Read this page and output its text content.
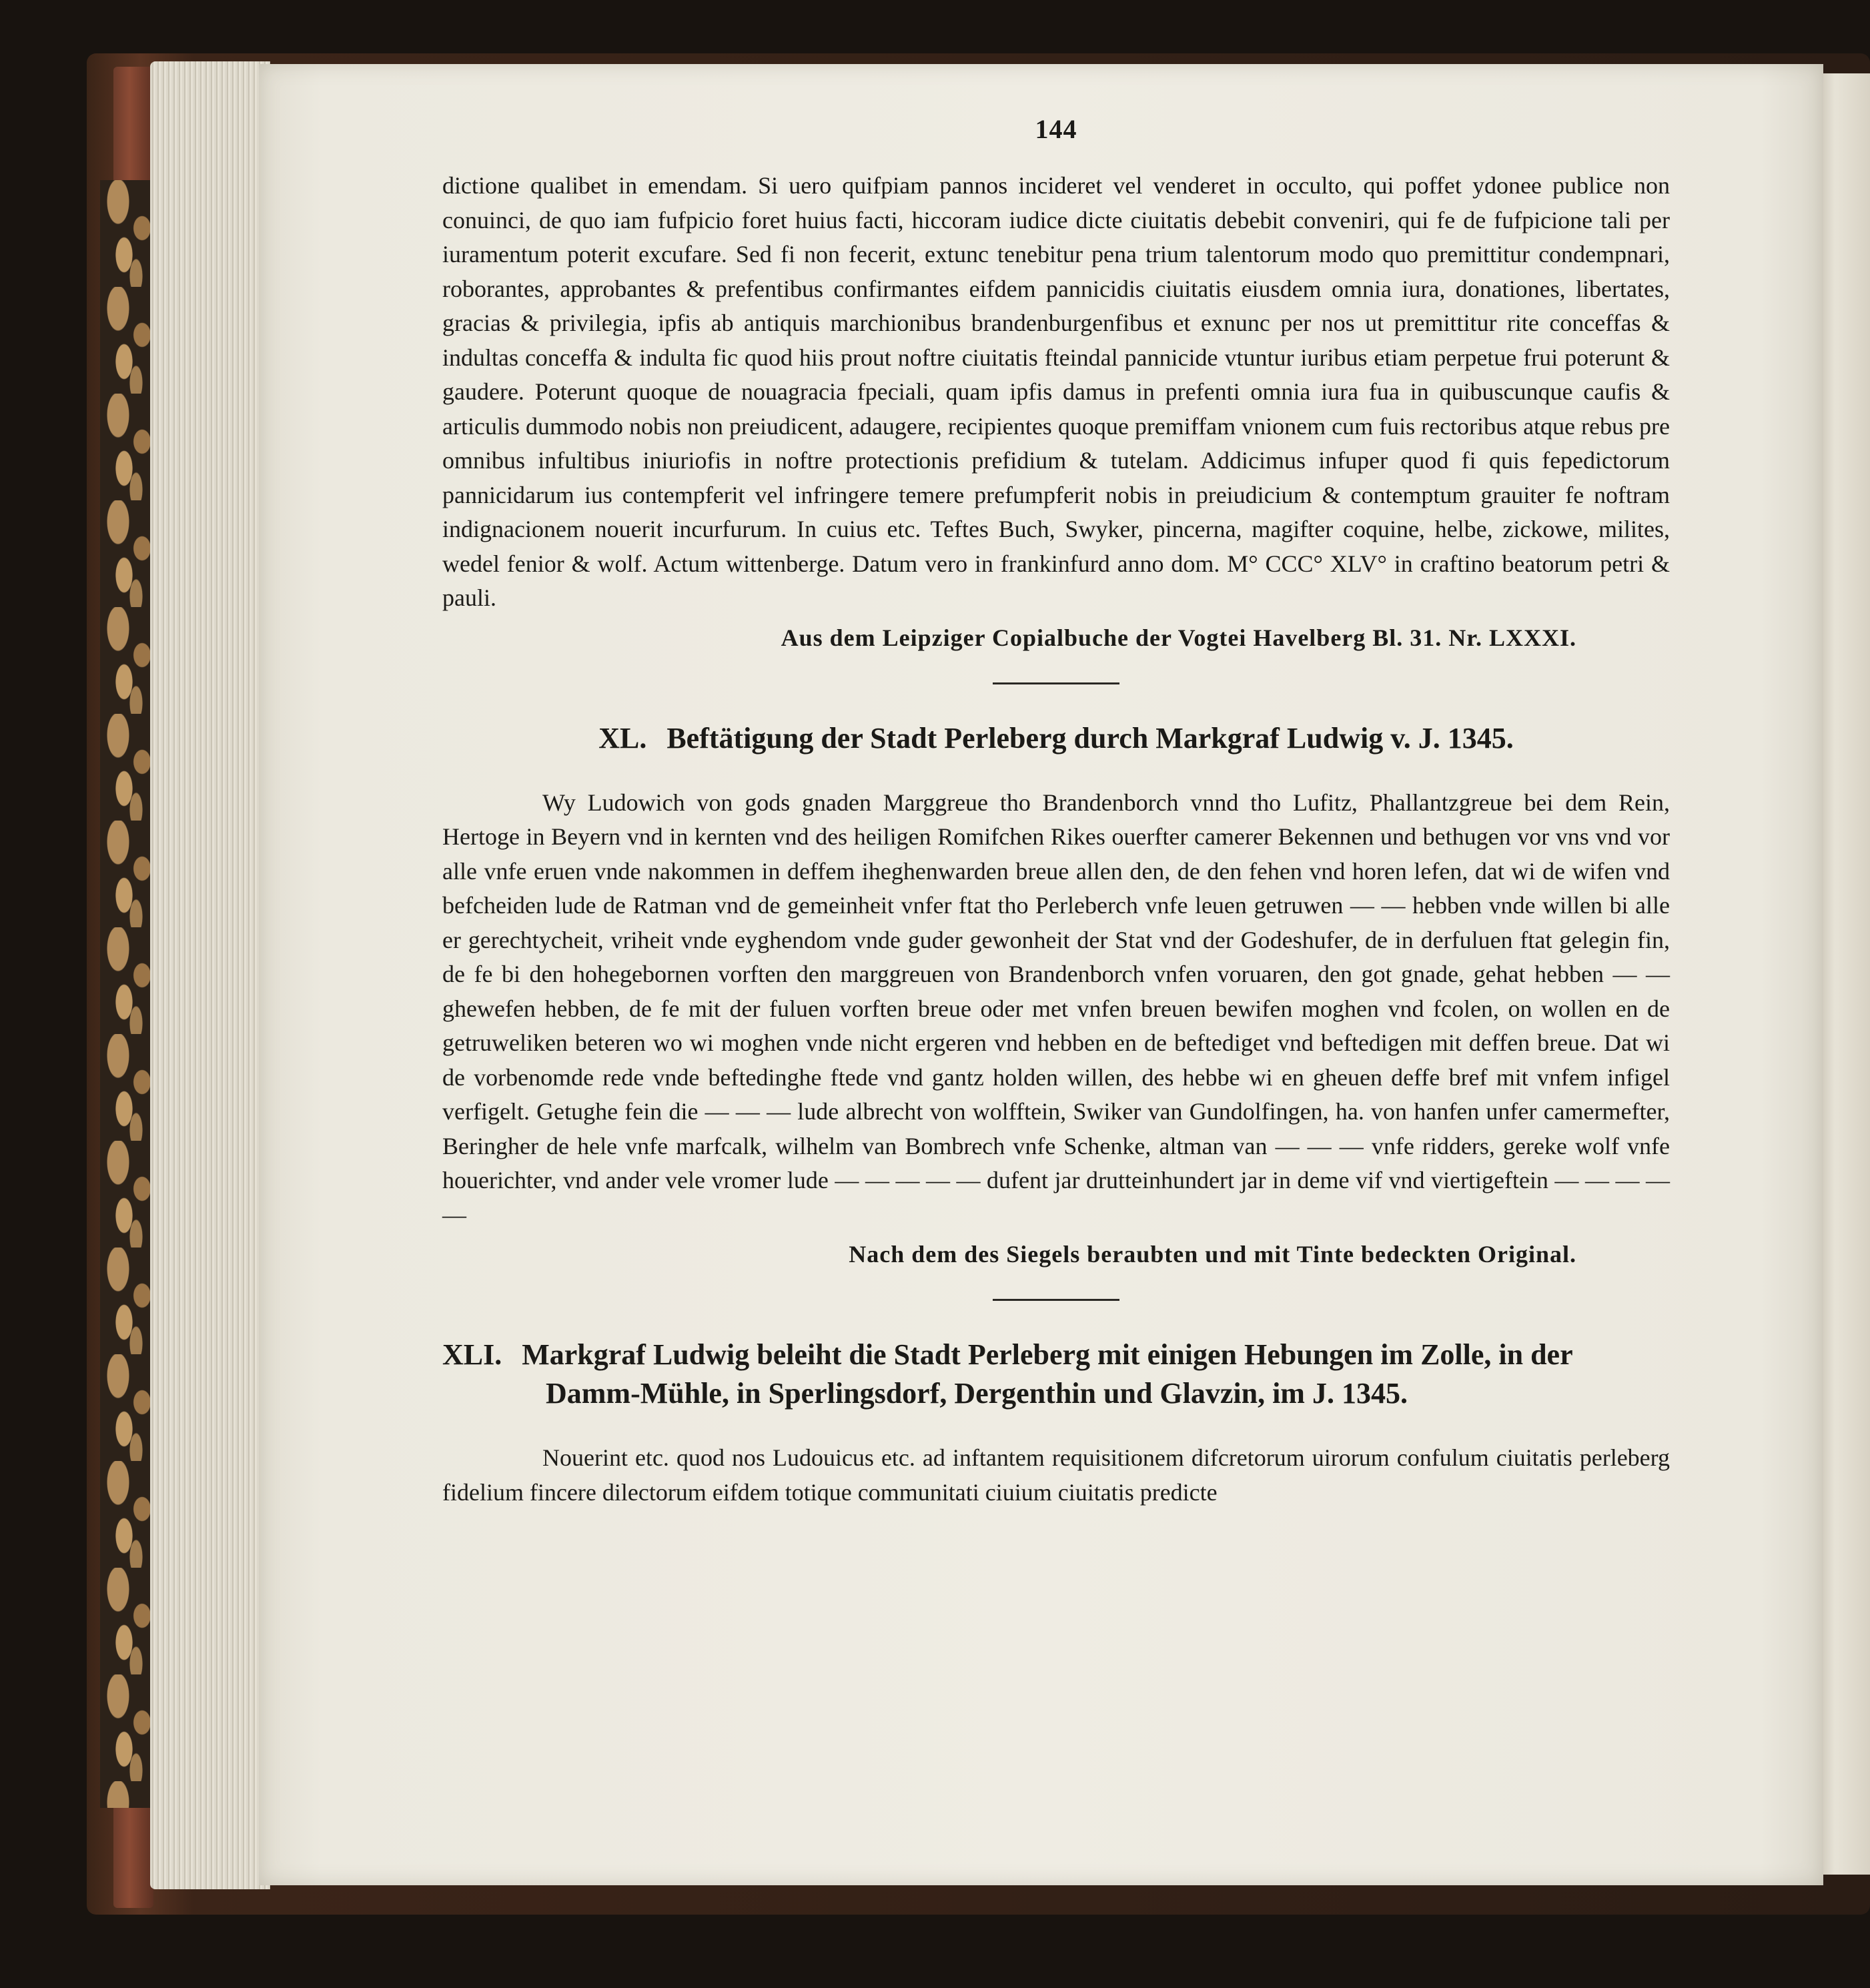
144

dictione qualibet in emendam. Si uero quifpiam pannos incideret vel venderet in occulto, qui poffet ydonee publice non conuinci, de quo iam fufpicio foret huius facti, hiccoram iudice dicte ciuitatis debebit conveniri, qui fe de fufpicione tali per iuramentum poterit excufare. Sed fi non fecerit, extunc tenebitur pena trium talentorum modo quo premittitur condempnari, roborantes, approbantes & prefentibus confirmantes eifdem pannicidis ciuitatis eiusdem omnia iura, donationes, libertates, gracias & privilegia, ipfis ab antiquis marchionibus brandenburgenfibus et exnunc per nos ut premittitur rite conceffas & indultas conceffa & indulta fic quod hiis prout noftre ciuitatis fteindal pannicide vtuntur iuribus etiam perpetue frui poterunt & gaudere. Poterunt quoque de nouagracia fpeciali, quam ipfis damus in prefenti omnia iura fua in quibuscunque caufis & articulis dummodo nobis non preiudicent, adaugere, recipientes quoque premiffam vnionem cum fuis rectoribus atque rebus pre omnibus infultibus iniuriofis in noftre protectionis prefidium & tutelam. Addicimus infuper quod fi quis fepedictorum pannicidarum ius contempferit vel infringere temere prefumpferit nobis in preiudicium & contemptum grauiter fe noftram indignacionem nouerit incurfurum. In cuius etc. Teftes Buch, Swyker, pincerna, magifter coquine, helbe, zickowe, milites, wedel fenior & wolf. Actum wittenberge. Datum vero in frankinfurd anno dom. M° CCC° XLV° in craftino beatorum petri & pauli.

Aus dem Leipziger Copialbuche der Vogtei Havelberg Bl. 31. Nr. LXXXI.
XL. Beftätigung der Stadt Perleberg durch Markgraf Ludwig v. J. 1345.

Wy Ludowich von gods gnaden Marggreue tho Brandenborch vnnd tho Lufitz, Phallantzgreue bei dem Rein, Hertoge in Beyern vnd in kernten vnd des heiligen Romifchen Rikes ouerfter camerer Bekennen und bethugen vor vns vnd vor alle vnfe eruen vnde nakommen in deffem iheghenwarden breue allen den, de den fehen vnd horen lefen, dat wi de wifen vnd befcheiden lude de Ratman vnd de gemeinheit vnfer ftat tho Perleberch vnfe leuen getruwen — — hebben vnde willen bi alle er gerechtycheit, vriheit vnde eyghendom vnde guder gewonheit der Stat vnd der Godeshufer, de in derfuluen ftat gelegin fin, de fe bi den hohegebornen vorften den marggreuen von Brandenborch vnfen voruaren, den got gnade, gehat hebben — — ghewefen hebben, de fe mit der fuluen vorften breue oder met vnfen breuen bewifen moghen vnd fcolen, on wollen en de getruweliken beteren wo wi moghen vnde nicht ergeren vnd hebben en de beftediget vnd beftedigen mit deffen breue. Dat wi de vorbenomde rede vnde beftedinghe ftede vnd gantz holden willen, des hebbe wi en gheuen deffe bref mit vnfem infigel verfigelt. Getughe fein die — — — lude albrecht von wolfftein, Swiker van Gundolfingen, ha. von hanfen unfer camermefter, Beringher de hele vnfe marfcalk, wilhelm van Bombrech vnfe Schenke, altman van — — — vnfe ridders, gereke wolf vnfe houerichter, vnd ander vele vromer lude — — — — — dufent jar drutteinhundert jar in deme vif vnd viertigeftein — — — — —

Nach dem des Siegels beraubten und mit Tinte bedeckten Original.
XLI. Markgraf Ludwig beleiht die Stadt Perleberg mit einigen Hebungen im Zolle, in der
Damm-Mühle, in Sperlingsdorf, Dergenthin und Glavzin, im J. 1345.

Nouerint etc. quod nos Ludouicus etc. ad inftantem requisitionem difcretorum uirorum confulum ciuitatis perleberg fidelium fincere dilectorum eifdem totique communitati ciuium ciuitatis predicte
